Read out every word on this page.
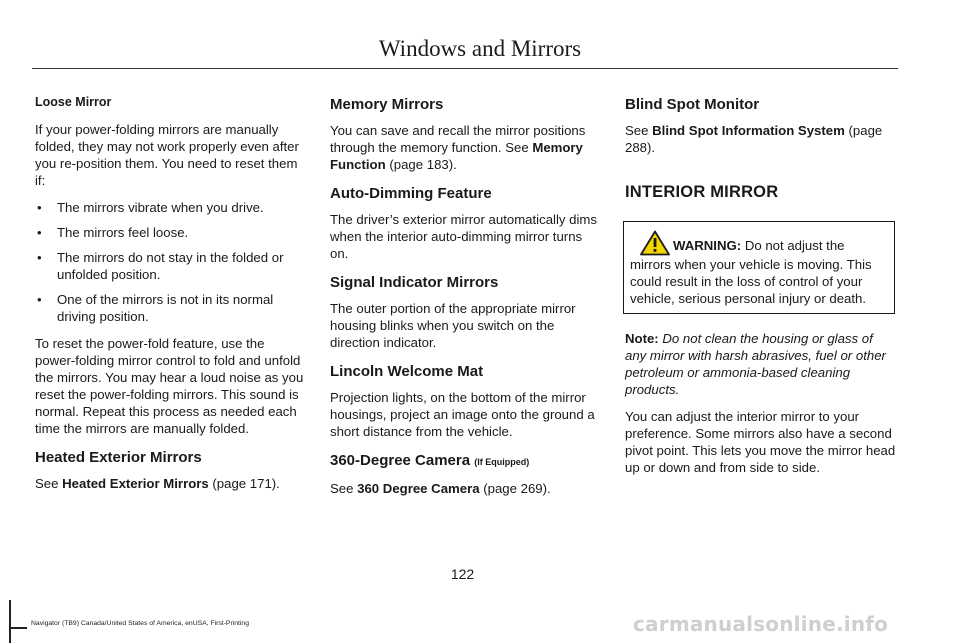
Windows and Mirrors
Loose Mirror

If your power-folding mirrors are manually folded, they may not work properly even after you re-position them. You need to reset them if:

• The mirrors vibrate when you drive.
• The mirrors feel loose.
• The mirrors do not stay in the folded or unfolded position.
• One of the mirrors is not in its normal driving position.

To reset the power-fold feature, use the power-folding mirror control to fold and unfold the mirrors. You may hear a loud noise as you reset the power-folding mirrors. This sound is normal. Repeat this process as needed each time the mirrors are manually folded.

Heated Exterior Mirrors

See Heated Exterior Mirrors (page 171).

Memory Mirrors

You can save and recall the mirror positions through the memory function. See Memory Function (page 183).

Auto-Dimming Feature

The driver’s exterior mirror automatically dims when the interior auto-dimming mirror turns on.

Signal Indicator Mirrors

The outer portion of the appropriate mirror housing blinks when you switch on the direction indicator.

Lincoln Welcome Mat

Projection lights, on the bottom of the mirror housings, project an image onto the ground a short distance from the vehicle.

360-Degree Camera (If Equipped)

See 360 Degree Camera (page 269).

Blind Spot Monitor

See Blind Spot Information System (page 288).

INTERIOR MIRROR
WARNING: Do not adjust the mirrors when your vehicle is moving. This could result in the loss of control of your vehicle, serious personal injury or death.

Note: Do not clean the housing or glass of any mirror with harsh abrasives, fuel or other petroleum or ammonia-based cleaning products.

You can adjust the interior mirror to your preference. Some mirrors also have a second pivot point. This lets you move the mirror head up or down and from side to side.

122
Navigator (TB9) Canada/United States of America, enUSA, First-Printing	carmanualsonline.info
